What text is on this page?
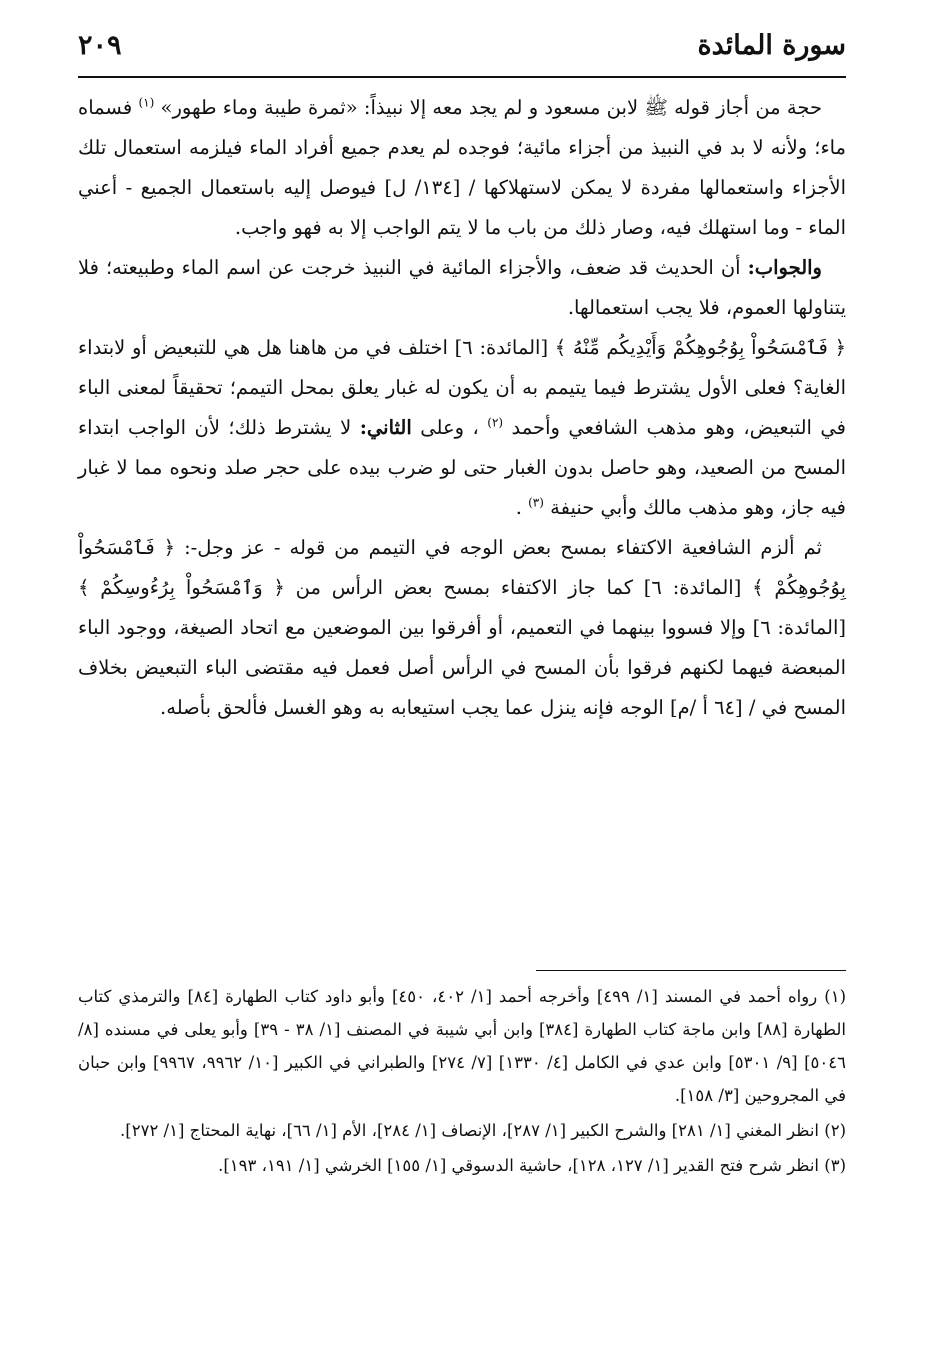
سورة المائدة
٢٠٩

حجة من أجاز قوله ﷺ لابن مسعود و لم يجد معه إلا نبيذاً: «ثمرة طيبة وماء طهور» $^{(١)}$ فسماه ماء؛ ولأنه لا بد في النبيذ من أجزاء مائية؛ فوجده لم يعدم جميع أفراد الماء فيلزمه استعمال تلك الأجزاء واستعمالها مفردة لا يمكن لاستهلاكها / [١٣٤/ ل] فيوصل إليه باستعمال الجميع - أعني الماء - وما استهلك فيه، وصار ذلك من باب ما لا يتم الواجب إلا به فهو واجب.

والجواب: أن الحديث قد ضعف، والأجزاء المائية في النبيذ خرجت عن اسم الماء وطبيعته؛ فلا يتناولها العموم، فلا يجب استعمالها.

﴿ فَٱمْسَحُواْ بِوُجُوهِكُمْ وَأَيْدِيكُم مِّنْهُ ﴾ [المائدة: ٦] اختلف في من هاهنا هل هي للتبعيض أو لابتداء الغاية؟ فعلى الأول يشترط فيما يتيمم به أن يكون له غبار يعلق بمحل التيمم؛ تحقيقاً لمعنى الباء في التبعيض، وهو مذهب الشافعي وأحمد $^{(٢)}$ ، وعلى الثاني: لا يشترط ذلك؛ لأن الواجب ابتداء المسح من الصعيد، وهو حاصل بدون الغبار حتى لو ضرب بيده على حجر صلد ونحوه مما لا غبار فيه جاز، وهو مذهب مالك وأبي حنيفة $^{(٣)}$ .

ثم ألزم الشافعية الاكتفاء بمسح بعض الوجه في التيمم من قوله - عز وجل-: ﴿ فَٱمْسَحُواْ بِوُجُوهِكُمْ ﴾ [المائدة: ٦] كما جاز الاكتفاء بمسح بعض الرأس من ﴿ وَٱمْسَحُواْ بِرُءُوسِكُمْ ﴾ [المائدة: ٦] وإلا فسووا بينهما في التعميم، أو أفرقوا بين الموضعين مع اتحاد الصيغة، ووجود الباء المبعضة فيهما لكنهم فرقوا بأن المسح في الرأس أصل فعمل فيه مقتضى الباء التبعيض بخلاف المسح في / [٦٤ أ /م] الوجه فإنه ينزل عما يجب استيعابه به وهو الغسل فألحق بأصله.

(١) رواه أحمد في المسند [١/ ٤٩٩] وأخرجه أحمد [١/ ٤٠٢، ٤٥٠] وأبو داود كتاب الطهارة [٨٤] والترمذي كتاب الطهارة [٨٨] وابن ماجة كتاب الطهارة [٣٨٤] وابن أبي شيبة في المصنف [١/ ٣٨ - ٣٩] وأبو يعلى في مسنده [٨/ ٥٠٤٦] [٩/ ٥٣٠١] وابن عدي في الكامل [٤/ ١٣٣٠] [٧/ ٢٧٤] والطبراني في الكبير [١٠/ ٩٩٦٢، ٩٩٦٧] وابن حبان في المجروحين [٣/ ١٥٨].

(٢) انظر المغني [١/ ٢٨١] والشرح الكبير [١/ ٢٨٧]، الإنصاف [١/ ٢٨٤]، الأم [١/ ٦٦]، نهاية المحتاج [١/ ٢٧٢].

(٣) انظر شرح فتح القدير [١/ ١٢٧، ١٢٨]، حاشية الدسوقي [١/ ١٥٥] الخرشي [١/ ١٩١، ١٩٣].
